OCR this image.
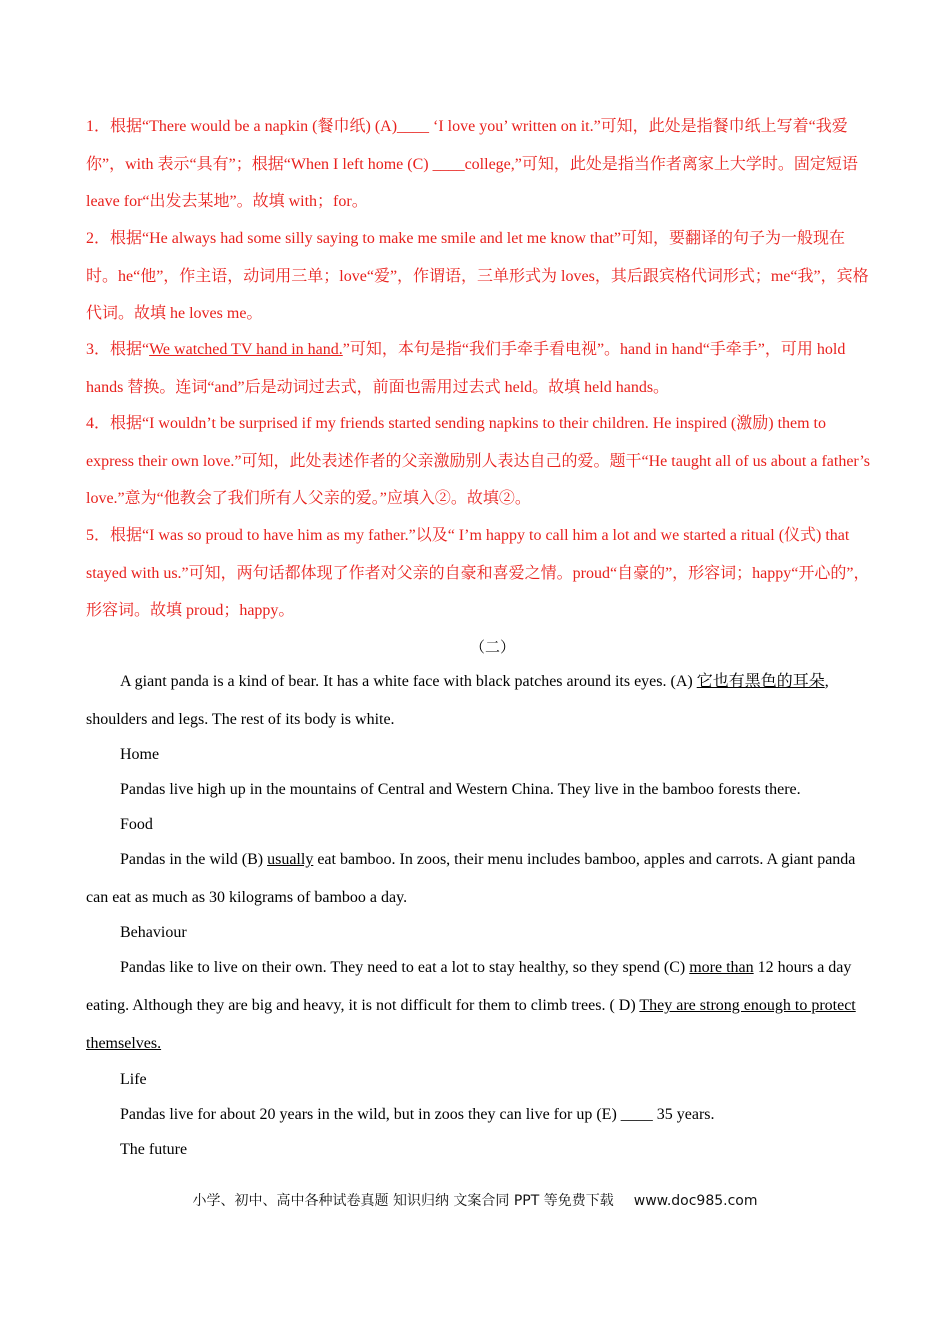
1．根据“There would be a napkin (餐巾纸) (A)____ ‘I love you’ written on it.”可知，此处是指餐巾纸上写着“我爱你”，with 表示“具有”；根据“When I left home (C) ____college,”可知，此处是指当作者离家上大学时。固定短语 leave for“出发去某地”。故填 with；for。

2．根据“He always had some silly saying to make me smile and let me know that”可知，要翻译的句子为一般现在时。he“他”，作主语，动词用三单；love“爱”，作谓语，三单形式为 loves，其后跟宾格代词形式；me“我”，宾格代词。故填 he loves me。

3．根据“We watched TV hand in hand.”可知，本句是指“我们手牵手看电视”。hand in hand“手牵手”，可用 hold hands 替换。连词“and”后是动词过去式，前面也需用过去式 held。故填 held hands。

4．根据“I wouldn’t be surprised if my friends started sending napkins to their children. He inspired (激励) them to express their own love.”可知，此处表述作者的父亲激励别人表达自己的爱。题干“He taught all of us about a father’s love.”意为“他教会了我们所有人父亲的爱。”应填入②。故填②。

5．根据“I was so proud to have him as my father.”以及“ I’m happy to call him a lot and we started a ritual (仪式) that stayed with us.”可知，两句话都体现了作者对父亲的自豪和喜爱之情。proud“自豪的”，形容词；happy“开心的”，形容词。故填 proud；happy。

（二）

A giant panda is a kind of bear. It has a white face with black patches around its eyes. (A) 它也有黑色的耳朵, shoulders and legs. The rest of its body is white.

Home

Pandas live high up in the mountains of Central and Western China. They live in the bamboo forests there.

Food

Pandas in the wild (B) usually eat bamboo. In zoos, their menu includes bamboo, apples and carrots. A giant panda can eat as much as 30 kilograms of bamboo a day.

Behaviour

Pandas like to live on their own. They need to eat a lot to stay healthy, so they spend (C) more than 12 hours a day eating. Although they are big and heavy, it is not difficult for them to climb trees. ( D) They are strong enough to protect themselves.

Life

Pandas live for about 20 years in the wild, but in zoos they can live for up (E) ____ 35 years.

The future

小学、初中、高中各种试卷真题 知识归纳 文案合同 PPT 等免费下载 www.doc985.com
